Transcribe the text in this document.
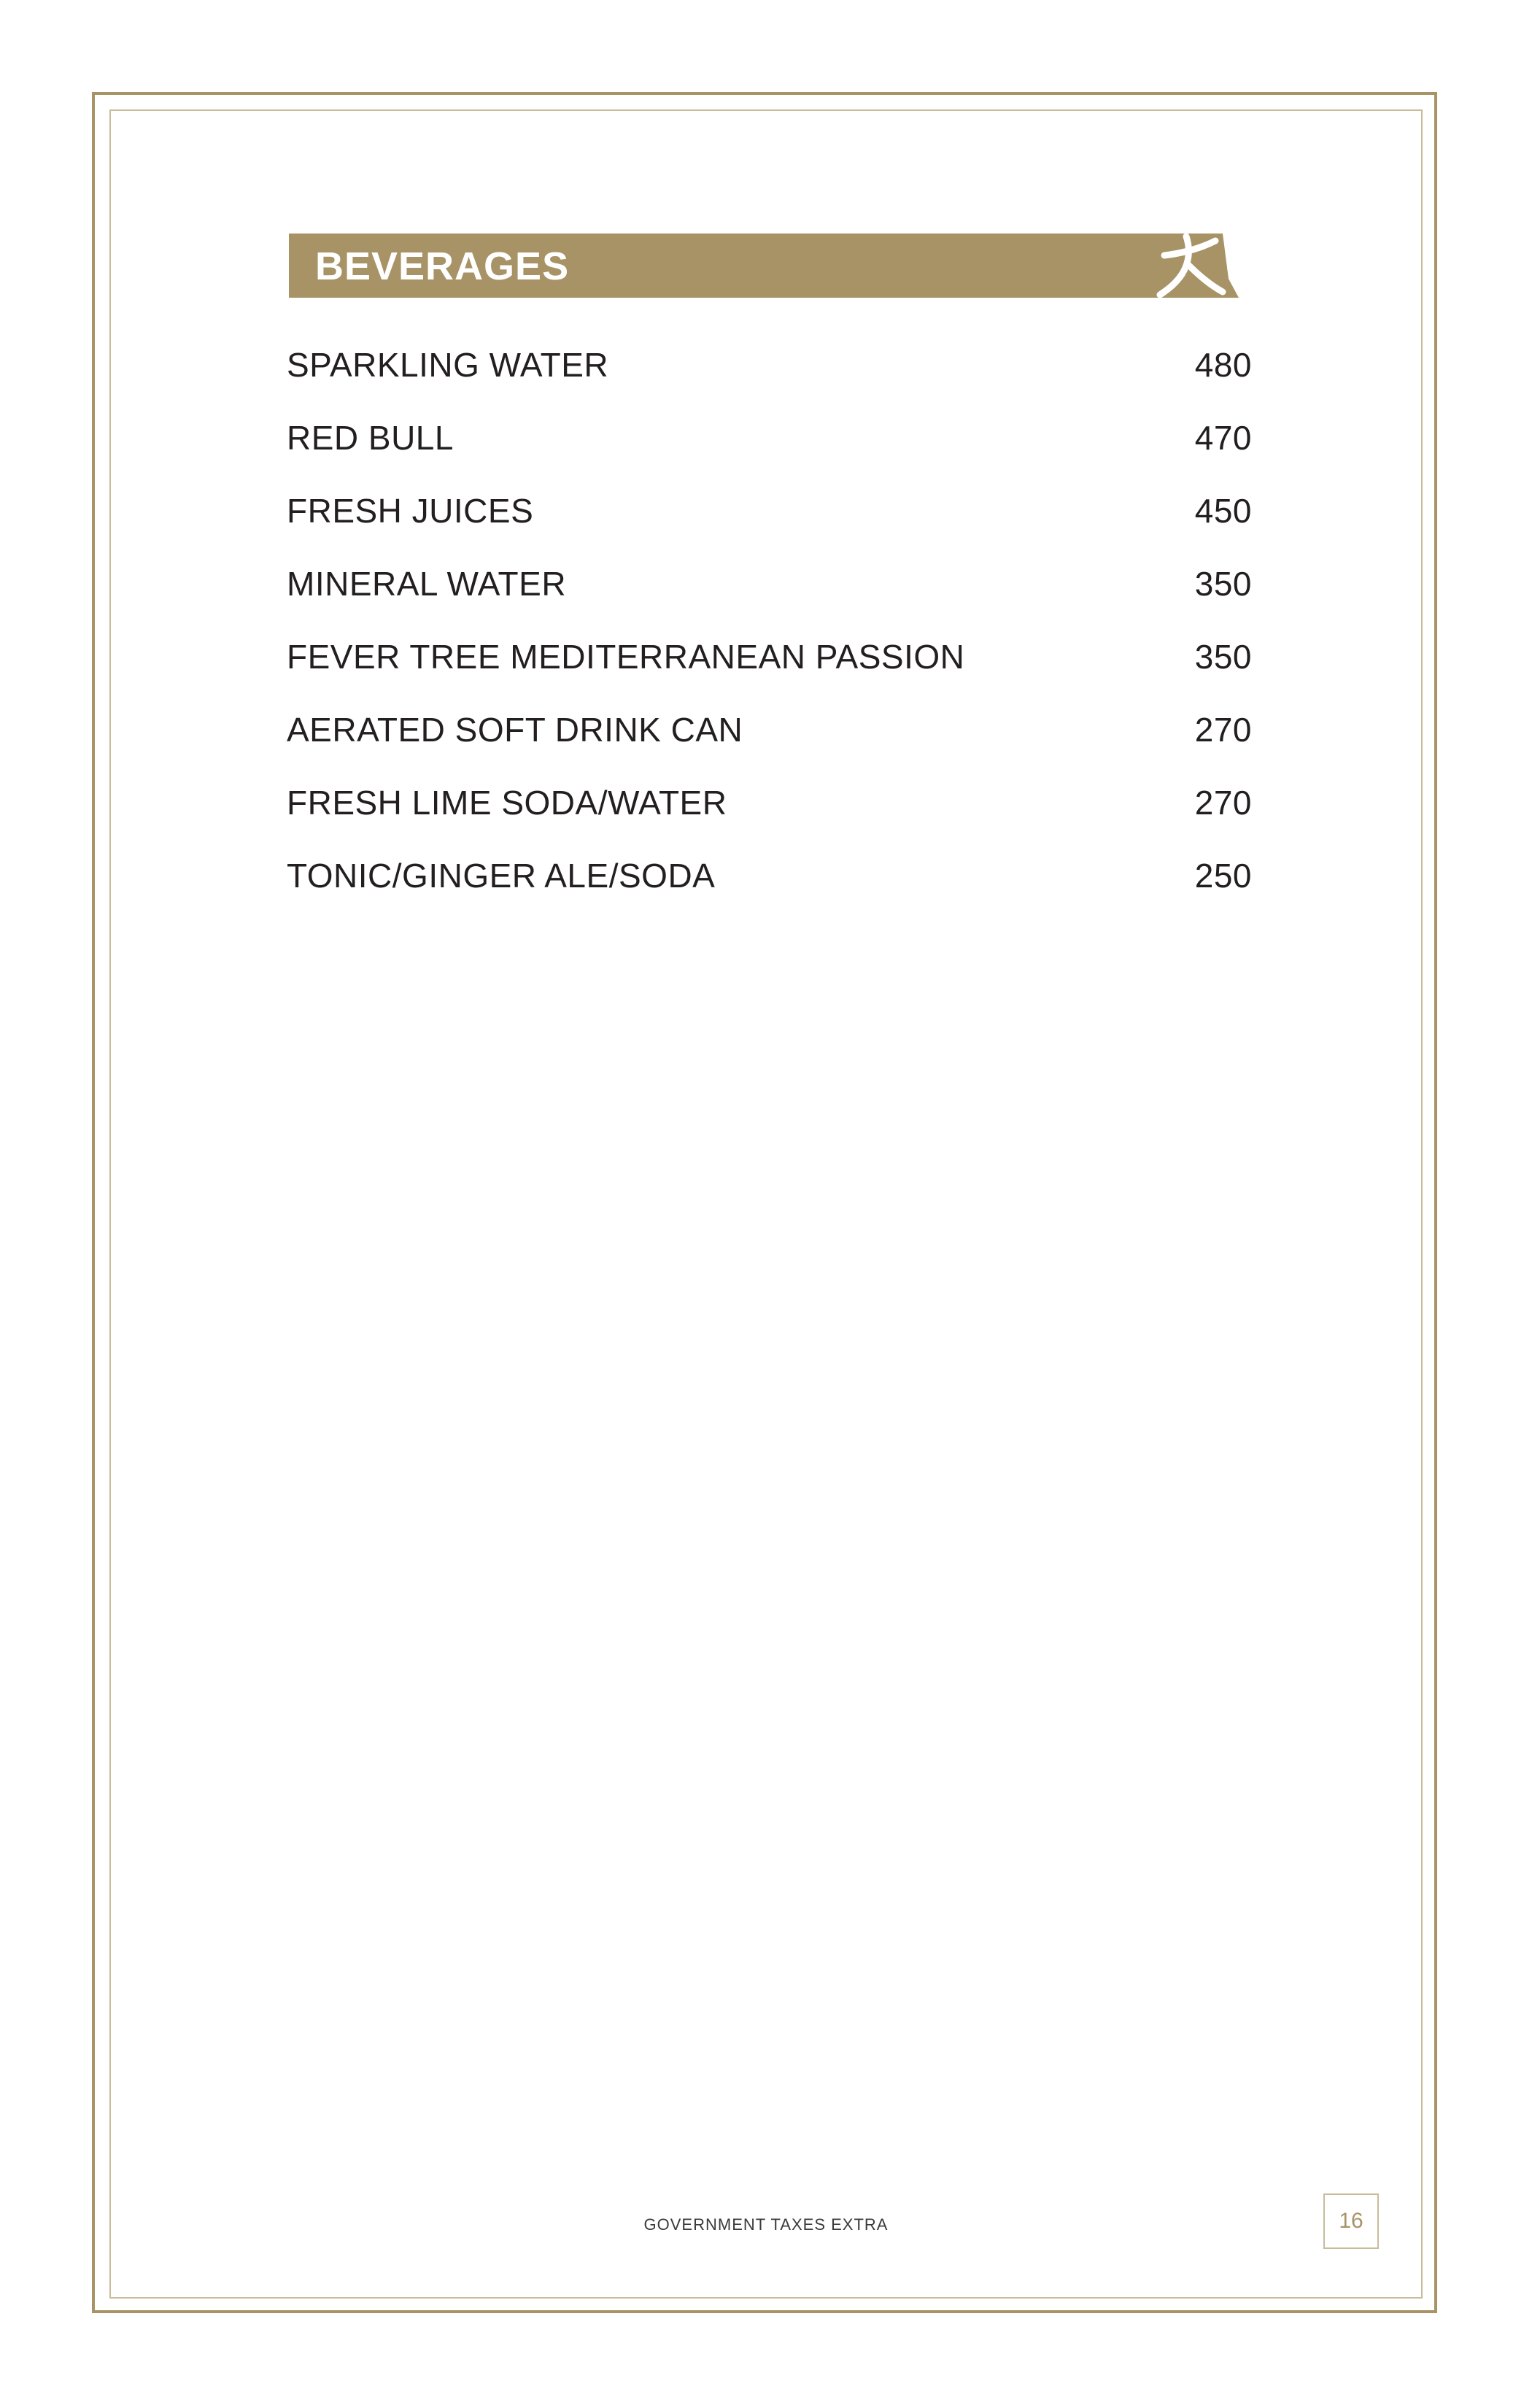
BEVERAGES
SPARKLING WATER	480
RED BULL	470
FRESH JUICES	450
MINERAL WATER	350
FEVER TREE MEDITERRANEAN PASSION	350
AERATED SOFT DRINK CAN	270
FRESH LIME SODA/WATER	270
TONIC/GINGER ALE/SODA	250
GOVERNMENT TAXES EXTRA	16
